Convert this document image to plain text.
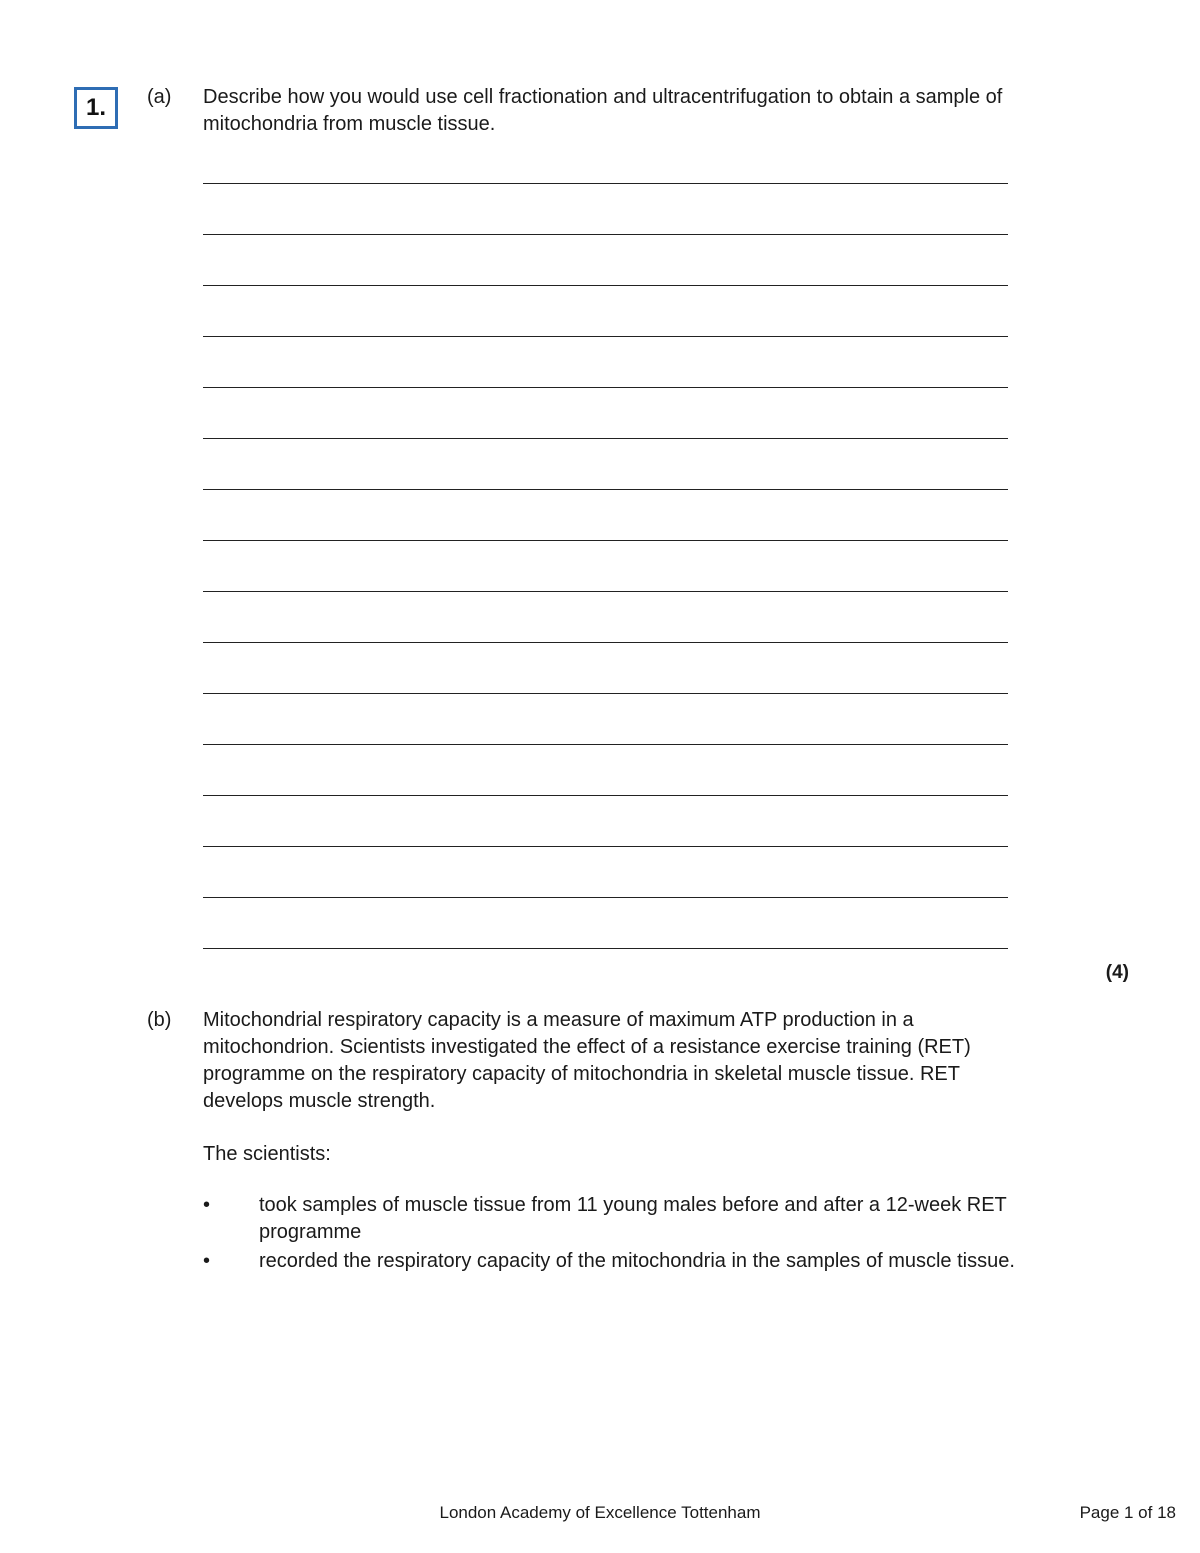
1. (a) Describe how you would use cell fractionation and ultracentrifugation to obtain a sample of mitochondria from muscle tissue.
(4)
(b) Mitochondrial respiratory capacity is a measure of maximum ATP production in a mitochondrion. Scientists investigated the effect of a resistance exercise training (RET) programme on the respiratory capacity of mitochondria in skeletal muscle tissue. RET develops muscle strength.
The scientists:
•	took samples of muscle tissue from 11 young males before and after a 12-week RET programme
•	recorded the respiratory capacity of the mitochondria in the samples of muscle tissue.
London Academy of Excellence Tottenham	Page 1 of 18
